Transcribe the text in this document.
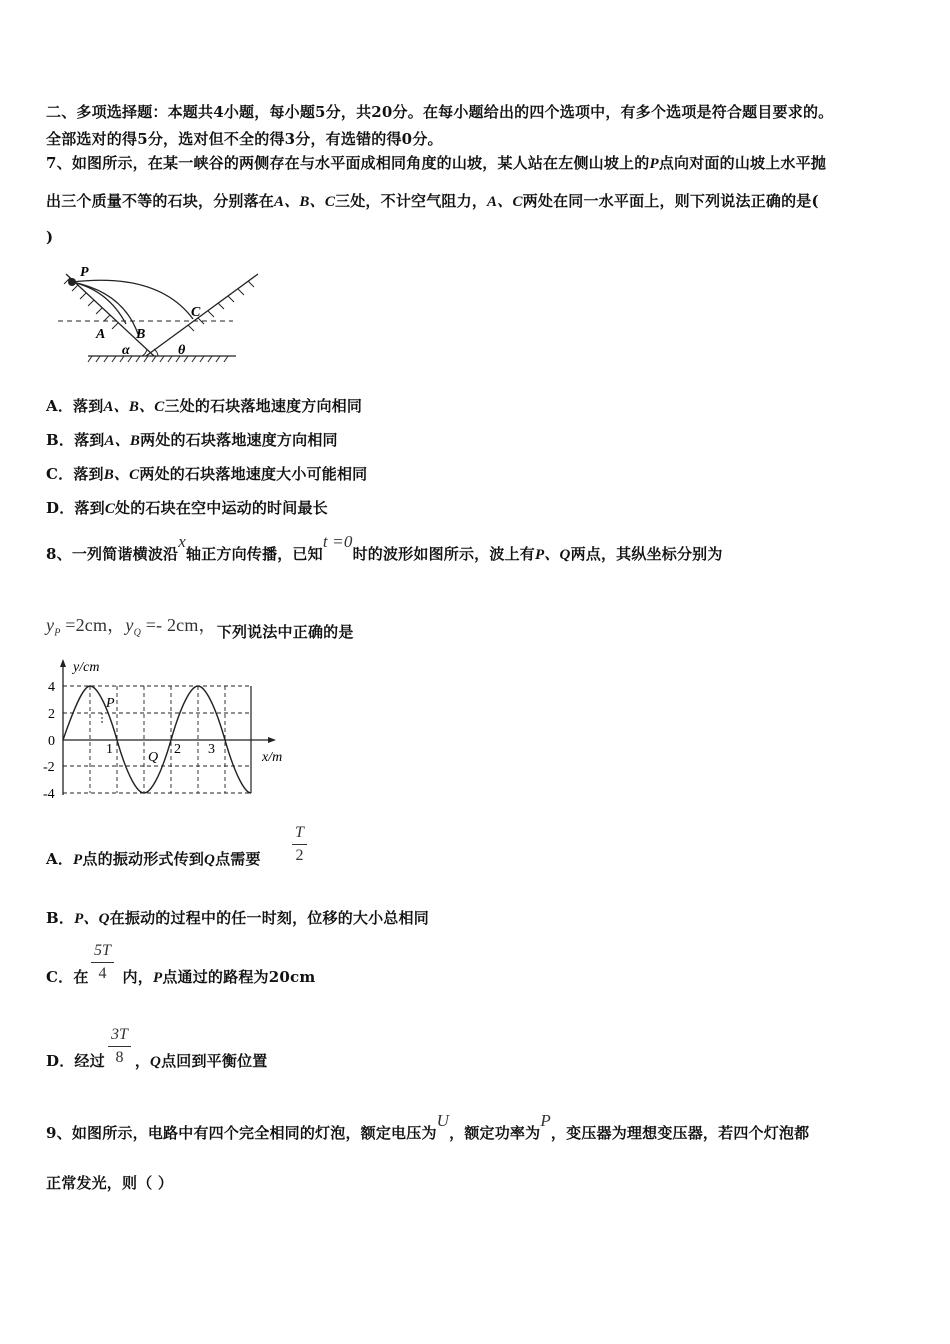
二、多项选择题：本题共4小题，每小题5分，共20分。在每小题给出的四个选项中，有多个选项是符合题目要求的。
全部选对的得5分，选对但不全的得3分，有选错的得0分。
7、如图所示，在某一峡谷的两侧存在与水平面成相同角度的山坡，某人站在左侧山坡上的P点向对面的山坡上水平抛
出三个质量不等的石块，分别落在A、B、C三处，不计空气阻力，A、C两处在同一水平面上，则下列说法正确的是(
)
P
A B
C
α	θ
A．落到A、B、C三处的石块落地速度方向相同
B．落到A、B两处的石块落地速度方向相同
C．落到B、C两处的石块落地速度大小可能相同
D．落到C处的石块在空中运动的时间最长
8、一列简谐横波沿x轴正方向传播，已知t =0时的波形如图所示，波上有P、Q两点，其纵坐标分别为
$y_P =2cm$，$y_Q =- 2cm$，下列说法中正确的是
y/cm
x/m
4
2
0
-2
-4
1	2 3
P
Q
A．P点的振动形式传到Q点需要
T
2
B．P、Q在振动的过程中的任一时刻，位移的大小总相同
C．在 内，P点通过的路程为20cm
5T
4
D．经过 ，Q点回到平衡位置
3T
8
9、如图所示，电路中有四个完全相同的灯泡，额定电压为U，额定功率为P，变压器为理想变压器，若四个灯泡都
正常发光，则（ ）
